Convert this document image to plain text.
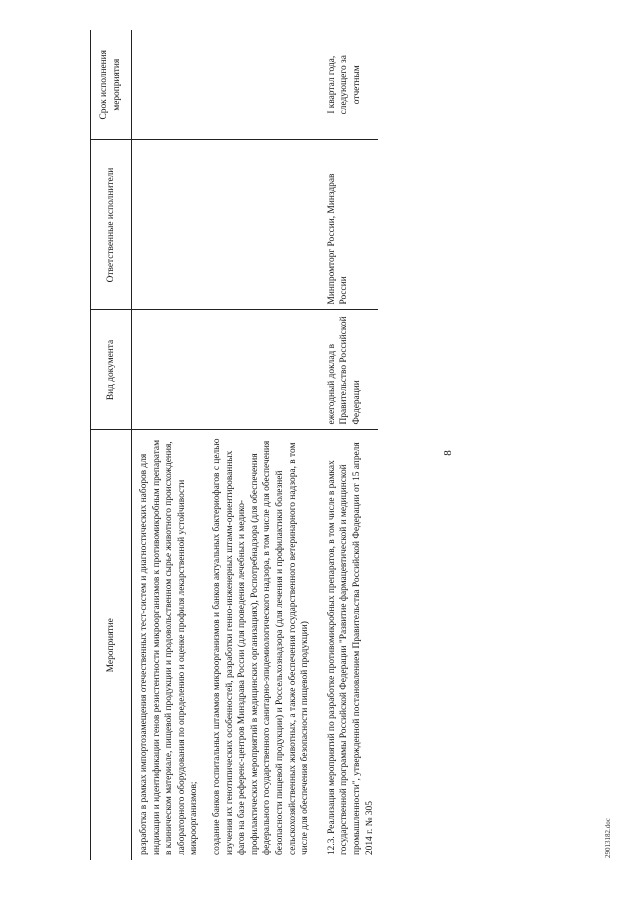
8
Мероприятие	Вид документа	Ответственные исполнители	Срок исполнения мероприятия

разработка в рамках импортозамещения отечественных тест-систем и диагностических наборов для индикации и идентификации генов резистентности микроорганизмов к противомикробным препаратам в клиническом материале, пищевой продукции и продовольственном сырье животного происхождения, лабораторного оборудования по определению и оценке профиля лекарственной устойчивости микроорганизмов; создание банков госпитальных штаммов микроорганизмов и банков актуальных бактериофагов с целью изучения их генотипических особенностей, разработки генно-инженерных штамм-ориентированных фагов на базе референс-центров Минздрава России (для проведения лечебных и медико-профилактических мероприятий в медицинских организациях), Роспотребнадзора (для обеспечения федерального государственного санитарно-эпидемиологического надзора, в том числе для обеспечения безопасности пищевой продукции) и Россельхознадзора (для лечения и профилактики болезней сельскохозяйственных животных, а также обеспечения государственного ветеринарного надзора, в том числе для обеспечения безопасности пищевой продукции)			

12.3. Реализация мероприятий по разработке противомикробных препаратов, в том числе в рамках государственной программы Российской Федерации "Развитие фармацевтической и медицинской промышленности", утвержденной постановлением Правительства Российской Федерации от 15 апреля 2014 г. № 305	ежегодный доклад в Правительство Российской Федерации	Минпромторг России, Минздрав России	I квартал года, следующего за отчетным
29013182.doc
